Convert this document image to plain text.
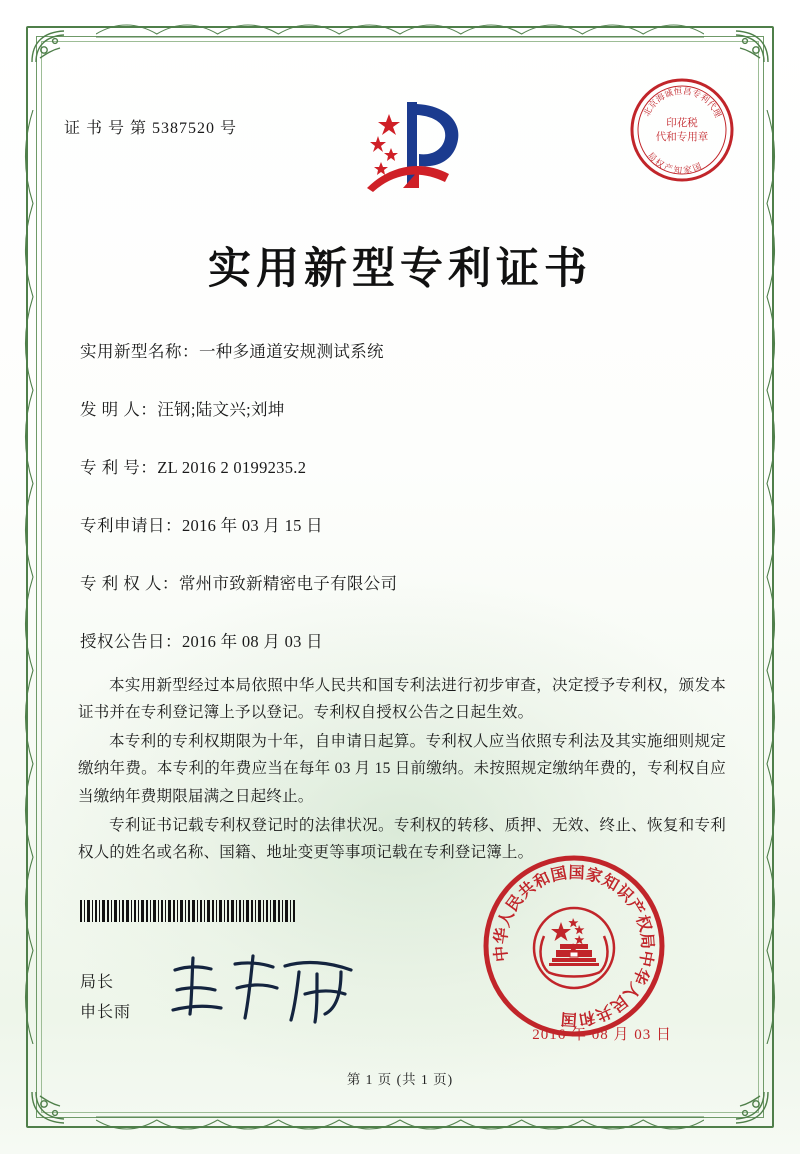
证 书 号 第 5387520 号
北
京
海
诚
恒 昌
专
利
代
理
国
家
知
产
权
局
印花税
代和专用章
实用新型专利证书
实用新型名称：一种多通道安规测试系统
发 明 人：汪钢;陆文兴;刘坤
专 利 号：ZL 2016 2 0199235.2
专利申请日：2016 年 03 月 15 日
专 利 权 人：常州市致新精密电子有限公司
授权公告日：2016 年 08 月 03 日

本实用新型经过本局依照中华人民共和国专利法进行初步审查，决定授予专利权，颁发本证书并在专利登记簿上予以登记。专利权自授权公告之日起生效。

本专利的专利权期限为十年，自申请日起算。专利权人应当依照专利法及其实施细则规定缴纳年费。本专利的年费应当在每年 03 月 15 日前缴纳。未按照规定缴纳年费的，专利权自应当缴纳年费期限届满之日起终止。

专利证书记载专利权登记时的法律状况。专利权的转移、质押、无效、终止、恢复和专利权人的姓名或名称、国籍、地址变更等事项记载在专利登记簿上。

局长
申长雨
中
华
人
民
共
和
国 国 家
知
识
产
权
局
中
华
人
民
共
和
国
2016 年 08 月 03 日
第 1 页 (共 1 页)
